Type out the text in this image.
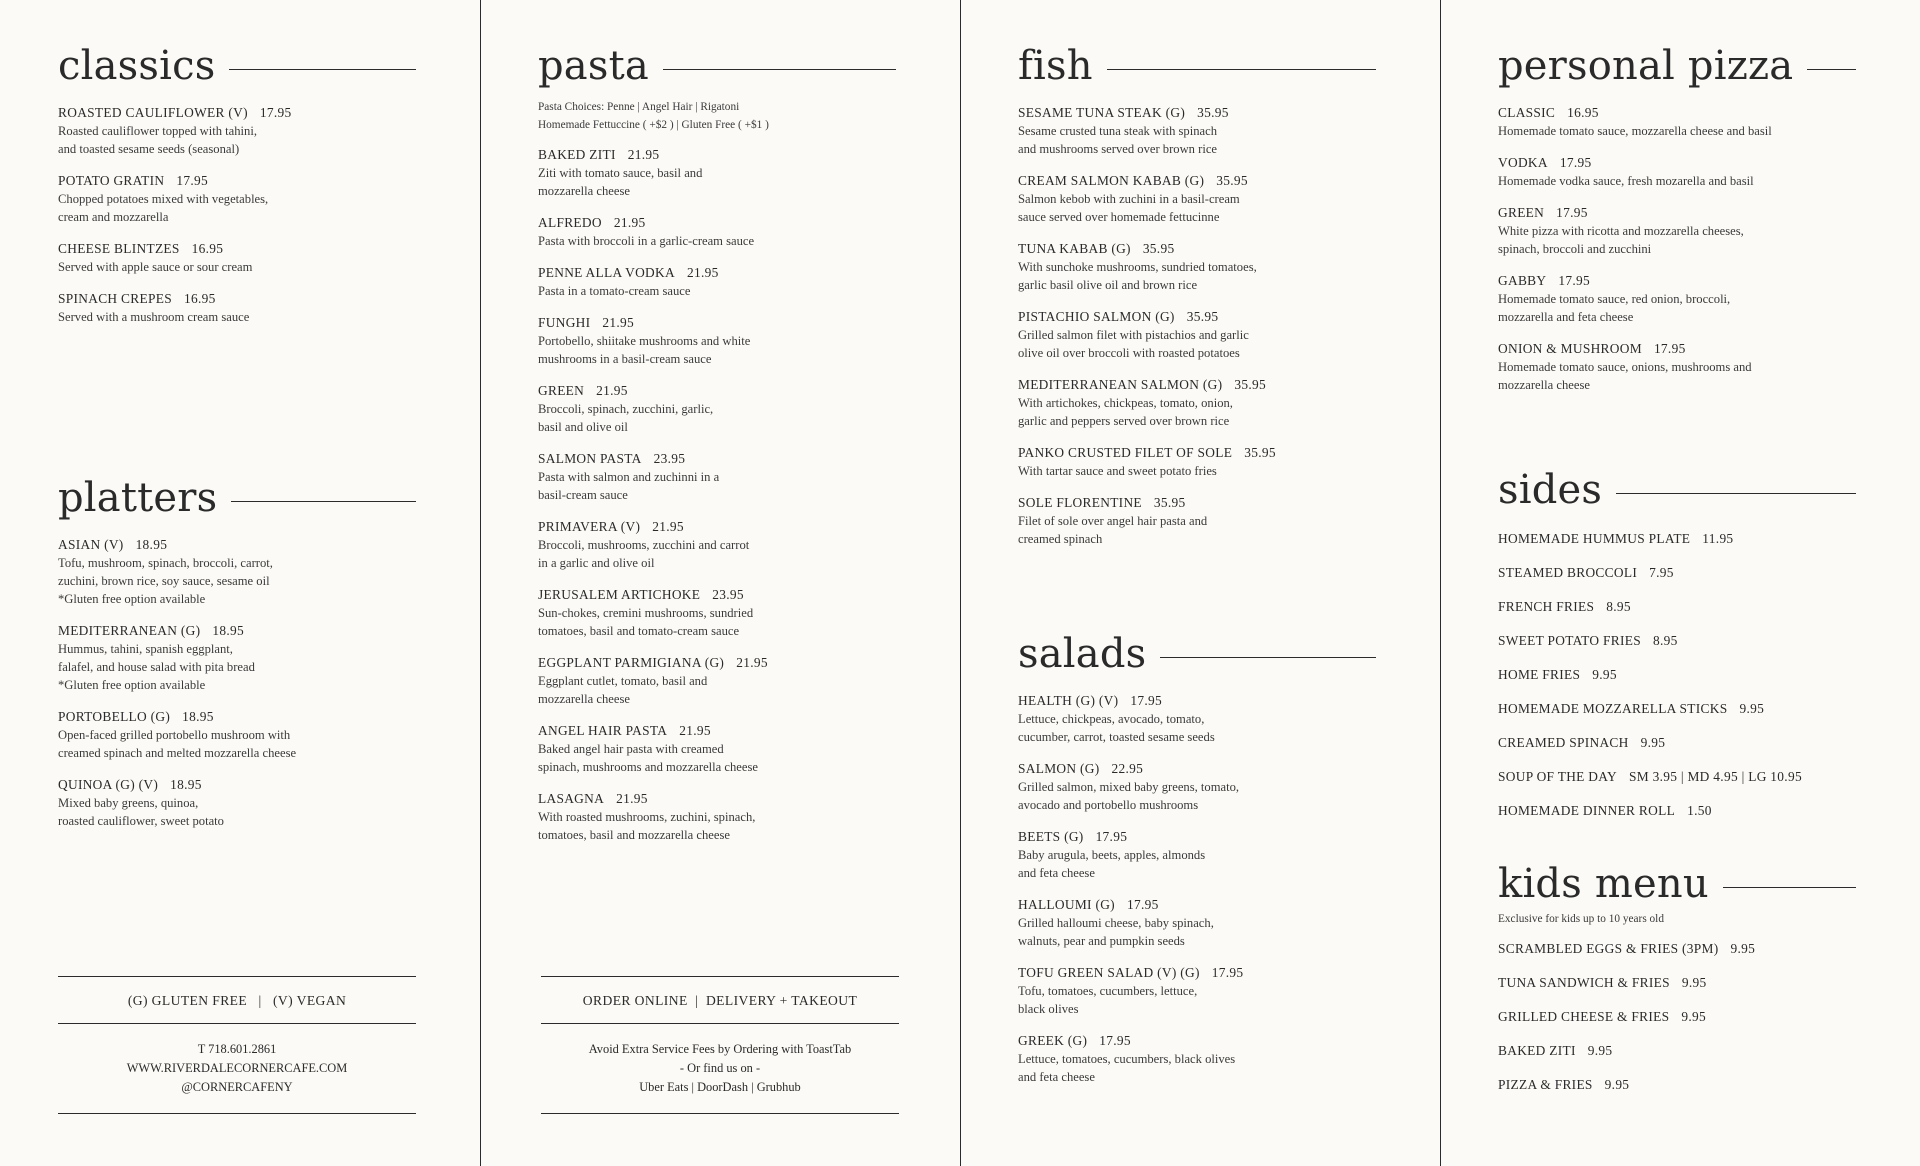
classics
ROASTED CAULIFLOWER (V) 17.95
Roasted cauliflower topped with tahini,
and toasted sesame seeds (seasonal)
POTATO GRATIN 17.95
Chopped potatoes mixed with vegetables,
cream and mozzarella
CHEESE BLINTZES 16.95
Served with apple sauce or sour cream
SPINACH CREPES 16.95
Served with a mushroom cream sauce
platters
ASIAN (V) 18.95
Tofu, mushroom, spinach, broccoli, carrot,
zuchini, brown rice, soy sauce, sesame oil
*Gluten free option available
MEDITERRANEAN (G) 18.95
Hummus, tahini, spanish eggplant,
falafel, and house salad with pita bread
*Gluten free option available
PORTOBELLO (G) 18.95
Open-faced grilled portobello mushroom with
creamed spinach and melted mozzarella cheese
QUINOA (G) (V) 18.95
Mixed baby greens, quinoa,
roasted cauliflower, sweet potato
(G) GLUTEN FREE   |   (V) VEGAN
T 718.601.2861
WWW.RIVERDALECORNERCAFE.COM
@CORNERCAFENY
pasta
Pasta Choices: Penne | Angel Hair | Rigatoni
Homemade Fettuccine ( +$2 ) | Gluten Free ( +$1 )
BAKED ZITI 21.95
Ziti with tomato sauce, basil and
mozzarella cheese
ALFREDO 21.95
Pasta with broccoli in a garlic-cream sauce
PENNE ALLA VODKA 21.95
Pasta in a tomato-cream sauce
FUNGHI 21.95
Portobello, shiitake mushrooms and white
mushrooms in a basil-cream sauce
GREEN 21.95
Broccoli, spinach, zucchini, garlic,
basil and olive oil
SALMON PASTA 23.95
Pasta with salmon and zuchinni in a
basil-cream sauce
PRIMAVERA (V) 21.95
Broccoli, mushrooms, zucchini and carrot
in a garlic and olive oil
JERUSALEM ARTICHOKE 23.95
Sun-chokes, cremini mushrooms, sundried
tomatoes, basil and tomato-cream sauce
EGGPLANT PARMIGIANA (G) 21.95
Eggplant cutlet, tomato, basil and
mozzarella cheese
ANGEL HAIR PASTA 21.95
Baked angel hair pasta with creamed
spinach, mushrooms and mozzarella cheese
LASAGNA 21.95
With roasted mushrooms, zuchini, spinach,
tomatoes, basil and mozzarella cheese
ORDER ONLINE  |  DELIVERY + TAKEOUT
Avoid Extra Service Fees by Ordering with ToastTab
- Or find us on -
Uber Eats | DoorDash | Grubhub
fish
SESAME TUNA STEAK (G) 35.95
Sesame crusted tuna steak with spinach
and mushrooms served over brown rice
CREAM SALMON KABAB (G) 35.95
Salmon kebob with zuchini in a basil-cream
sauce served over homemade fettucinne
TUNA KABAB (G) 35.95
With sunchoke mushrooms, sundried tomatoes,
garlic basil olive oil and brown rice
PISTACHIO SALMON (G) 35.95
Grilled salmon filet with pistachios and garlic
olive oil over broccoli with roasted potatoes
MEDITERRANEAN SALMON (G) 35.95
With artichokes, chickpeas, tomato, onion,
garlic and peppers served over brown rice
PANKO CRUSTED FILET OF SOLE 35.95
With tartar sauce and sweet potato fries
SOLE FLORENTINE 35.95
Filet of sole over angel hair pasta and
creamed spinach
salads
HEALTH (G) (V) 17.95
Lettuce, chickpeas, avocado, tomato,
cucumber, carrot, toasted sesame seeds
SALMON (G) 22.95
Grilled salmon, mixed baby greens, tomato,
avocado and portobello mushrooms
BEETS (G) 17.95
Baby arugula, beets, apples, almonds
and feta cheese
HALLOUMI (G) 17.95
Grilled halloumi cheese, baby spinach,
walnuts, pear and pumpkin seeds
TOFU GREEN SALAD (V) (G) 17.95
Tofu, tomatoes, cucumbers, lettuce,
black olives
GREEK (G) 17.95
Lettuce, tomatoes, cucumbers, black olives
and feta cheese
personal pizza
CLASSIC 16.95
Homemade tomato sauce, mozzarella cheese and basil
VODKA 17.95
Homemade vodka sauce, fresh mozarella and basil
GREEN 17.95
White pizza with ricotta and mozzarella cheeses,
spinach, broccoli and zucchini
GABBY 17.95
Homemade tomato sauce, red onion, broccoli,
mozzarella and feta cheese
ONION & MUSHROOM 17.95
Homemade tomato sauce, onions, mushrooms and
mozzarella cheese
sides
HOMEMADE HUMMUS PLATE 11.95
STEAMED BROCCOLI 7.95
FRENCH FRIES 8.95
SWEET POTATO FRIES 8.95
HOME FRIES 9.95
HOMEMADE MOZZARELLA STICKS 9.95
CREAMED SPINACH 9.95
SOUP OF THE DAY SM 3.95 | MD 4.95 | LG 10.95
HOMEMADE DINNER ROLL 1.50
kids menu
Exclusive for kids up to 10 years old
SCRAMBLED EGGS & FRIES (3PM) 9.95
TUNA SANDWICH & FRIES 9.95
GRILLED CHEESE & FRIES 9.95
BAKED ZITI 9.95
PIZZA & FRIES 9.95
